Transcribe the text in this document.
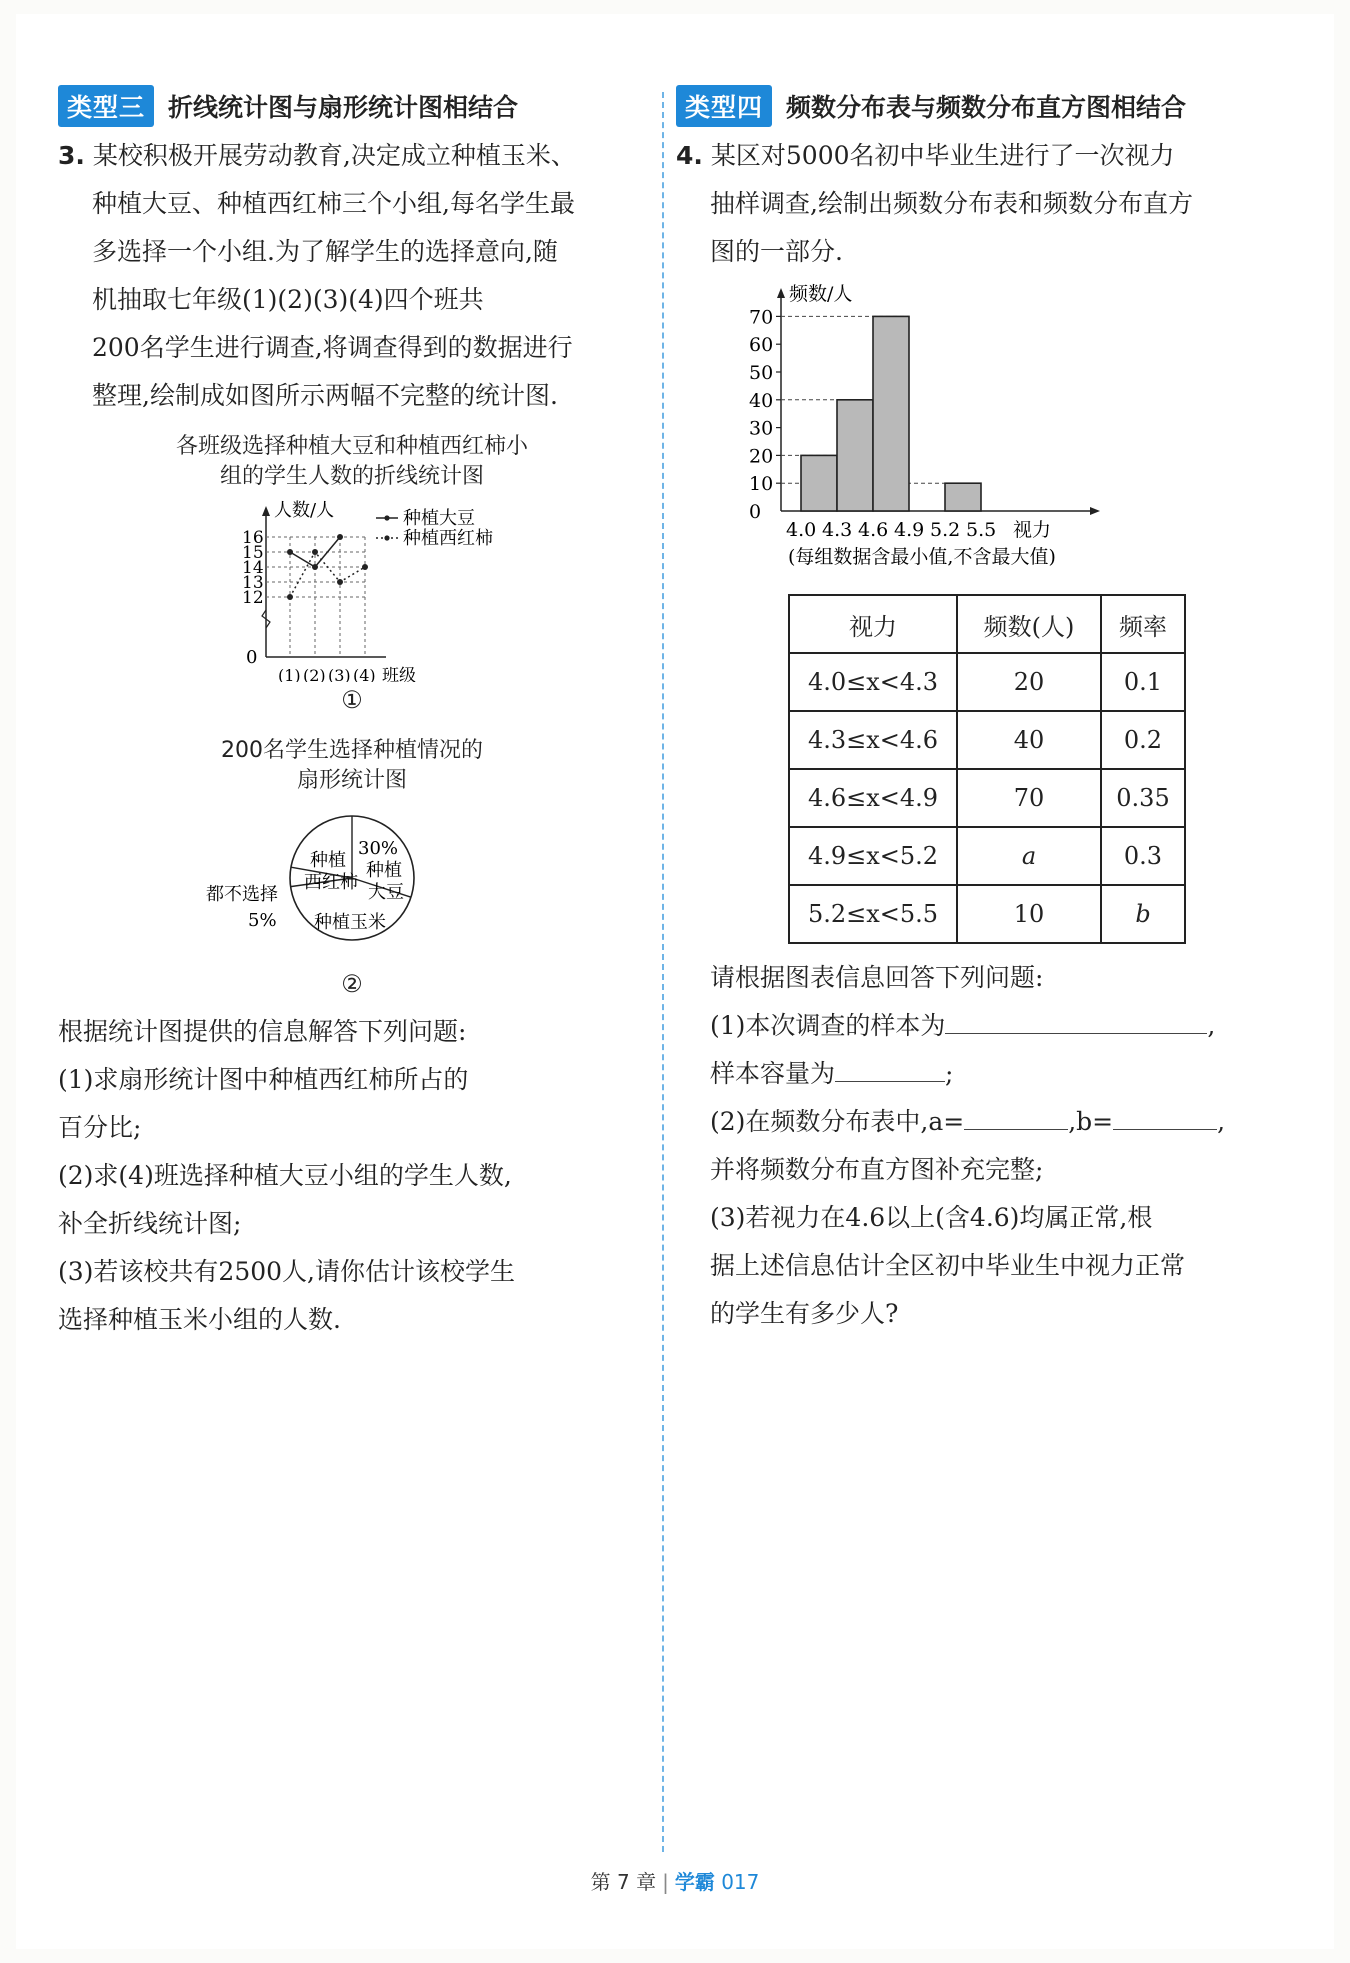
类型三 折线统计图与扇形统计图相结合

3. 某校积极开展劳动教育,决定成立种植玉米、

种植大豆、种植西红柿三个小组,每名学生最

多选择一个小组.为了解学生的选择意向,随

机抽取七年级(1)(2)(3)(4)四个班共

200名学生进行调查,将调查得到的数据进行

整理,绘制成如图所示两幅不完整的统计图.

各班级选择种植大豆和种植西红柿小

组的学生人数的折线统计图

人数/人
0
16
15
14
13
12
(1) (2) (3) (4) 班级
种植大豆
种植西红柿
①

200名学生选择种植情况的

扇形统计图

种植
西红柿
30%
种植
大豆
种植玉米
都不选择
5%
②

根据统计图提供的信息解答下列问题:

(1)求扇形统计图中种植西红柿所占的

百分比;

(2)求(4)班选择种植大豆小组的学生人数,

补全折线统计图;

(3)若该校共有2500人,请你估计该校学生

选择种植玉米小组的人数.

类型四 频数分布表与频数分布直方图相结合

4. 某区对5000名初中毕业生进行了一次视力

抽样调查,绘制出频数分布表和频数分布直方

图的一部分.

频数/人
70
60
50
40
30
20
10
0
4.0 4.3 4.6 4.9 5.2 5.5 视力
(每组数据含最小值,不含最大值)
视力	频数(人)	频率
4.0≤x<4.3	20	0.1
4.3≤x<4.6	40	0.2
4.6≤x<4.9	70	0.35
4.9≤x<5.2	a	0.3
5.2≤x<5.5	10	b

请根据图表信息回答下列问题:

(1)本次调查的样本为	,

样本容量为	;

(2)在频数分布表中,a=	,b=	,

并将频数分布直方图补充完整;

(3)若视力在4.6以上(含4.6)均属正常,根

据上述信息估计全区初中毕业生中视力正常

的学生有多少人?

第 7 章 | 学霸 017
